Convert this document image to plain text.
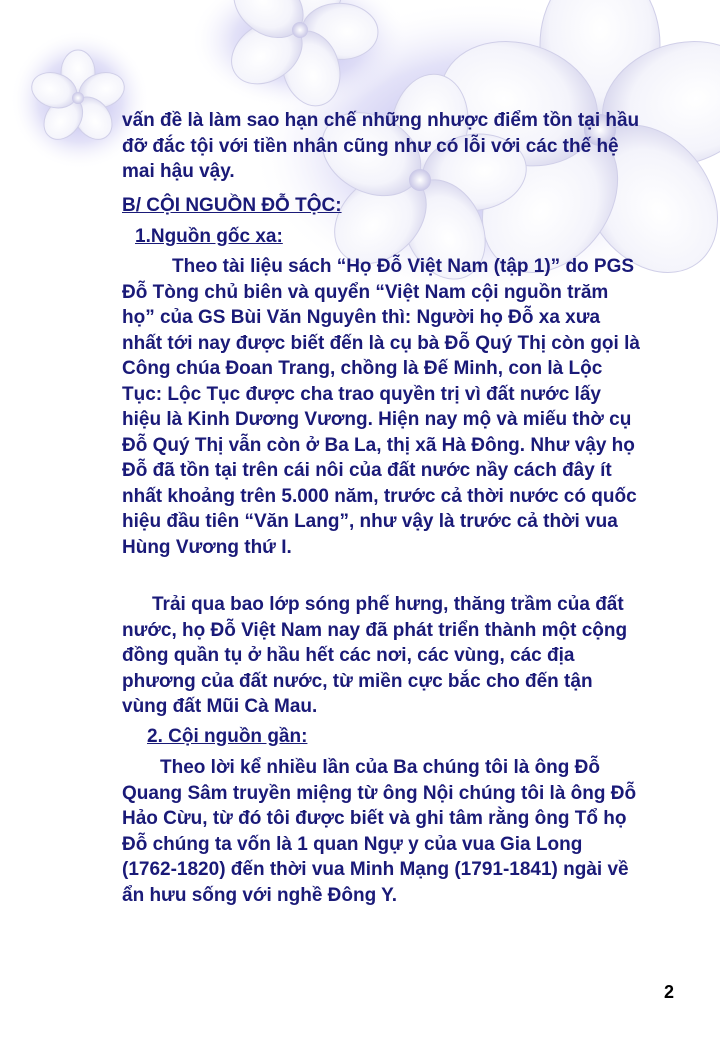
vấn đề là làm sao hạn chế những nhược điểm tồn tại hầu đỡ đắc tội với tiền nhân cũng như có lỗi với các thế hệ mai hậu vậy.

B/ CỘI NGUỒN ĐỖ TỘC:
1.Nguồn gốc xa:

Theo tài liệu sách “Họ Đỗ Việt Nam (tập 1)” do PGS Đỗ Tòng chủ biên và quyển “Việt Nam cội nguồn trăm họ” của GS Bùi Văn Nguyên thì: Người họ Đỗ xa xưa nhất tới nay được biết đến là cụ bà Đỗ Quý Thị còn gọi là Công chúa Đoan Trang, chồng là Đế Minh, con là Lộc Tục: Lộc Tục được cha trao quyền trị vì đất nước lấy hiệu là Kinh Dương Vương. Hiện nay mộ và miếu thờ cụ Đỗ Quý Thị vẫn còn ở Ba La, thị xã Hà Đông. Như vậy họ Đỗ đã tồn tại trên cái nôi của đất nước nầy cách đây ít nhất khoảng trên 5.000 năm, trước cả thời nước có quốc hiệu đầu tiên “Văn Lang”, như vậy là trước cả thời vua Hùng Vương thứ I.

Trải qua bao lớp sóng phế hưng, thăng trầm của đất nước, họ Đỗ Việt Nam nay đã phát triển thành một cộng đồng quần tụ ở hầu hết các nơi, các vùng, các địa phương của đất nước, từ miền cực bắc cho đến tận vùng đất Mũi Cà Mau.

2. Cội nguồn gần:

Theo lời kể nhiều lần của Ba chúng tôi là ông Đỗ Quang Sâm truyền miệng từ ông Nội chúng tôi là ông Đỗ Hảo Cừu, từ đó tôi được biết và ghi tâm rằng ông Tổ họ Đỗ chúng ta vốn là 1 quan Ngự y của vua Gia Long (1762-1820) đến thời vua Minh Mạng (1791-1841) ngài về ẩn hưu sống với nghề Đông Y.

2
